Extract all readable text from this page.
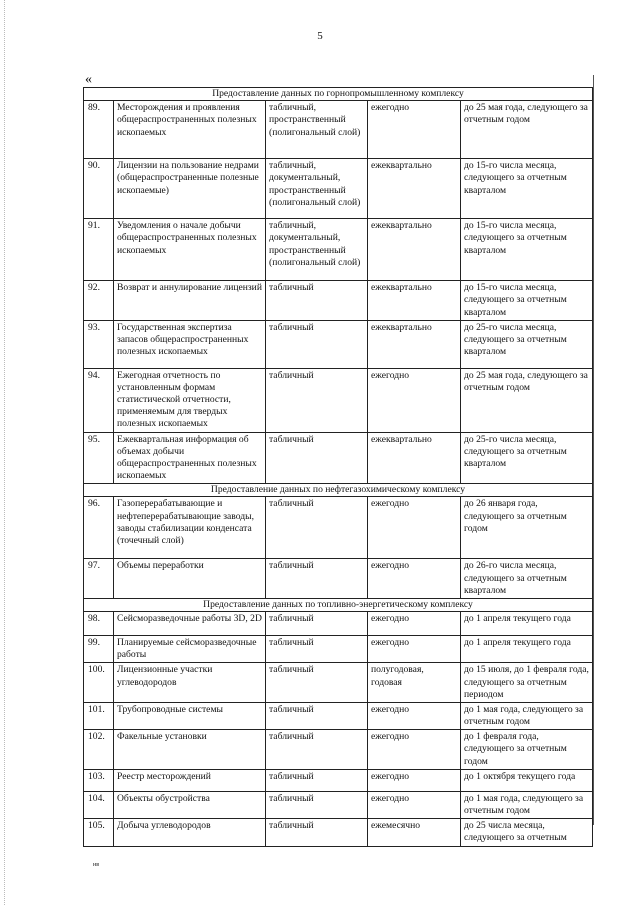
5
«
Предоставление данных по горнопромышленному комплексу				
89.	Месторождения и проявления общераспространенных полезных ископаемых	табличный, пространственный (полигональный слой)	ежегодно	до 25 мая года, следующего за отчетным годом
90.	Лицензии на пользование недрами (общераспространенные полезные ископаемые)	табличный, документальный, пространственный (полигональный слой)	ежеквартально	до 15-го числа месяца, следующего за отчетным кварталом
91.	Уведомления о начале добычи общераспространенных полезных ископаемых	табличный, документальный, пространственный (полигональный слой)	ежеквартально	до 15-го числа месяца, следующего за отчетным кварталом
92.	Возврат и аннулирование лицензий	табличный	ежеквартально	до 15-го числа месяца, следующего за отчетным кварталом
93.	Государственная экспертиза запасов общераспространенных полезных ископаемых	табличный	ежеквартально	до 25-го числа месяца, следующего за отчетным кварталом
94.	Ежегодная отчетность по установленным формам статистической отчетности, применяемым для твердых полезных ископаемых	табличный	ежегодно	до 25 мая года, следующего за отчетным годом
95.	Ежеквартальная информация об объемах добычи общераспространенных полезных ископаемых	табличный	ежеквартально	до 25-го числа месяца, следующего за отчетным кварталом
Предоставление данных по нефтегазохимическому комплексу				
96.	Газоперерабатывающие и нефтеперерабатывающие заводы, заводы стабилизации конденсата (точечный слой)	табличный	ежегодно	до 26 января года, следующего за отчетным годом
97.	Объемы переработки	табличный	ежегодно	до 26-го числа месяца, следующего за отчетным кварталом
Предоставление данных по топливно-энергетическому комплексу				
98.	Сейсморазведочные работы 3D, 2D	табличный	ежегодно	до 1 апреля текущего года
99.	Планируемые сейсморазведочные работы	табличный	ежегодно	до 1 апреля текущего года
100.	Лицензионные участки углеводородов	табличный	полугодовая, годовая	до 15 июля, до 1 февраля года, следующего за отчетным периодом
101.	Трубопроводные системы	табличный	ежегодно	до 1 мая года, следующего за отчетным годом
102.	Факельные установки	табличный	ежегодно	до 1 февраля года, следующего за отчетным годом
103.	Реестр месторождений	табличный	ежегодно	до 1 октября текущего года
104.	Объекты обустройства	табличный	ежегодно	до 1 мая года, следующего за отчетным годом
105.	Добыча углеводородов	табличный	ежемесячно	до 25 числа месяца, следующего за отчетным
нв
